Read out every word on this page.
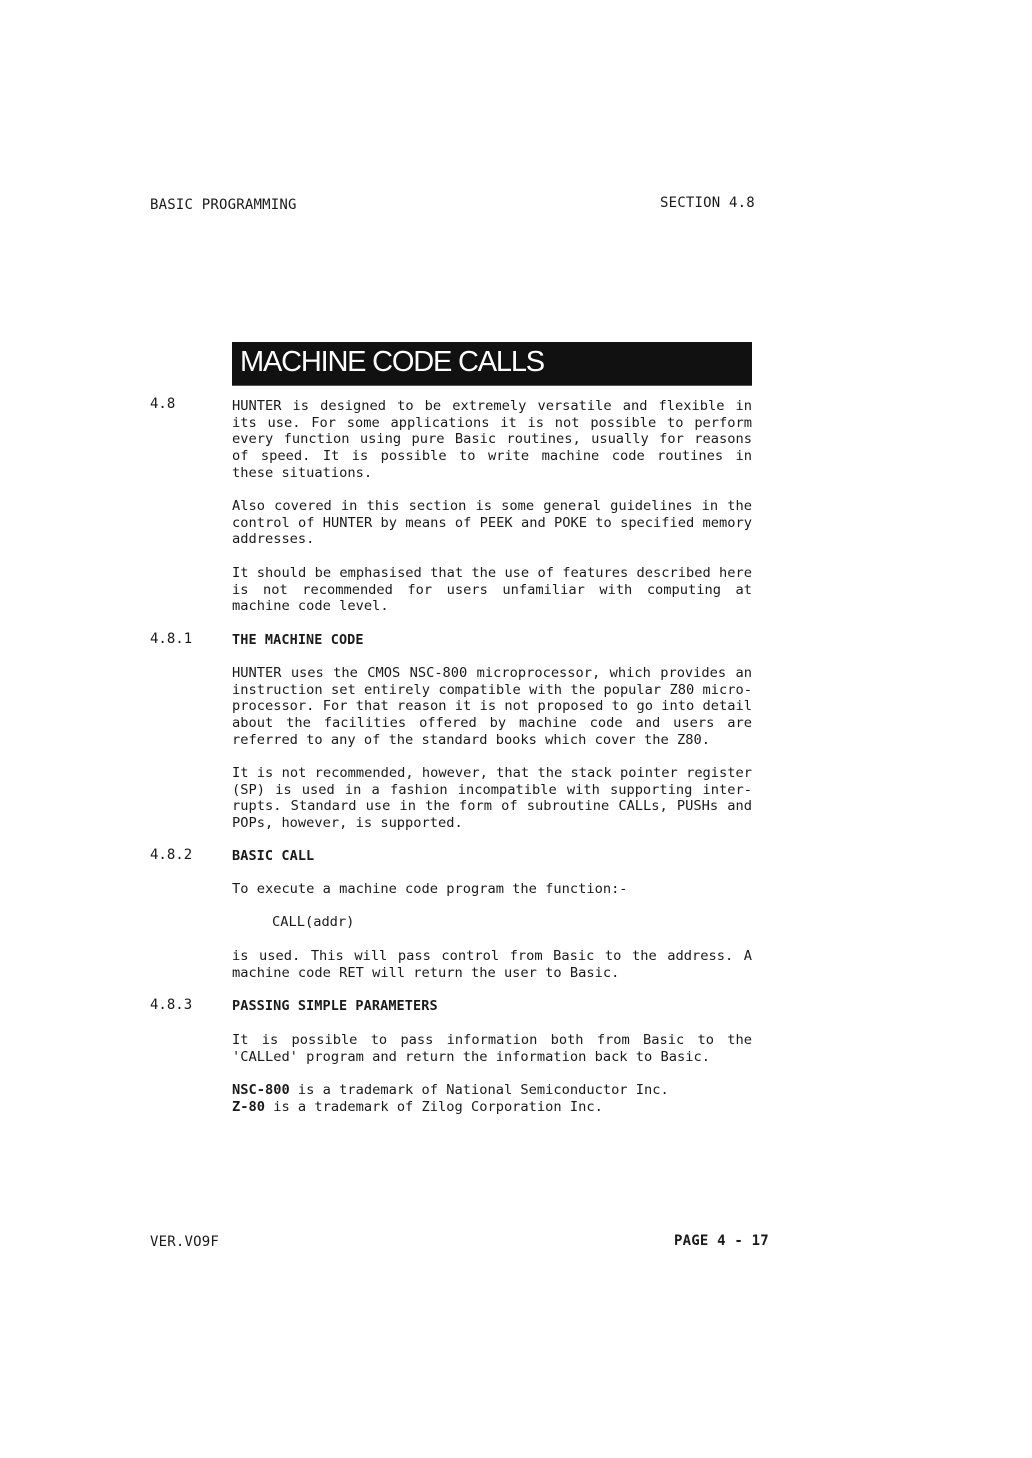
BASIC PROGRAMMING	SECTION 4.8
MACHINE CODE CALLS
4.8	HUNTER is designed to be extremely versatile and flexible in its use. For some applications it is not possible to perform every function using pure Basic routines, usually for reasons of speed. It is possible to write machine code routines in these situations.
Also covered in this section is some general guidelines in the control of HUNTER by means of PEEK and POKE to specified memory addresses.
It should be emphasised that the use of features described here is not recommended for users unfamiliar with computing at machine code level.
4.8.1	THE MACHINE CODE
HUNTER uses the CMOS NSC-800 microprocessor, which provides an instruction set entirely compatible with the popular Z80 micro-processor. For that reason it is not proposed to go into detail about the facilities offered by machine code and users are referred to any of the standard books which cover the Z80.
It is not recommended, however, that the stack pointer register (SP) is used in a fashion incompatible with supporting inter-rupts. Standard use in the form of subroutine CALLs, PUSHs and POPs, however, is supported.
4.8.2	BASIC CALL
To execute a machine code program the function:-
CALL(addr)
is used. This will pass control from Basic to the address. A machine code RET will return the user to Basic.
4.8.3	PASSING SIMPLE PARAMETERS
It is possible to pass information both from Basic to the 'CALLed' program and return the information back to Basic.
NSC-800 is a trademark of National Semiconductor Inc.
Z-80 is a trademark of Zilog Corporation Inc.
VER.VO9F	PAGE 4 - 17
